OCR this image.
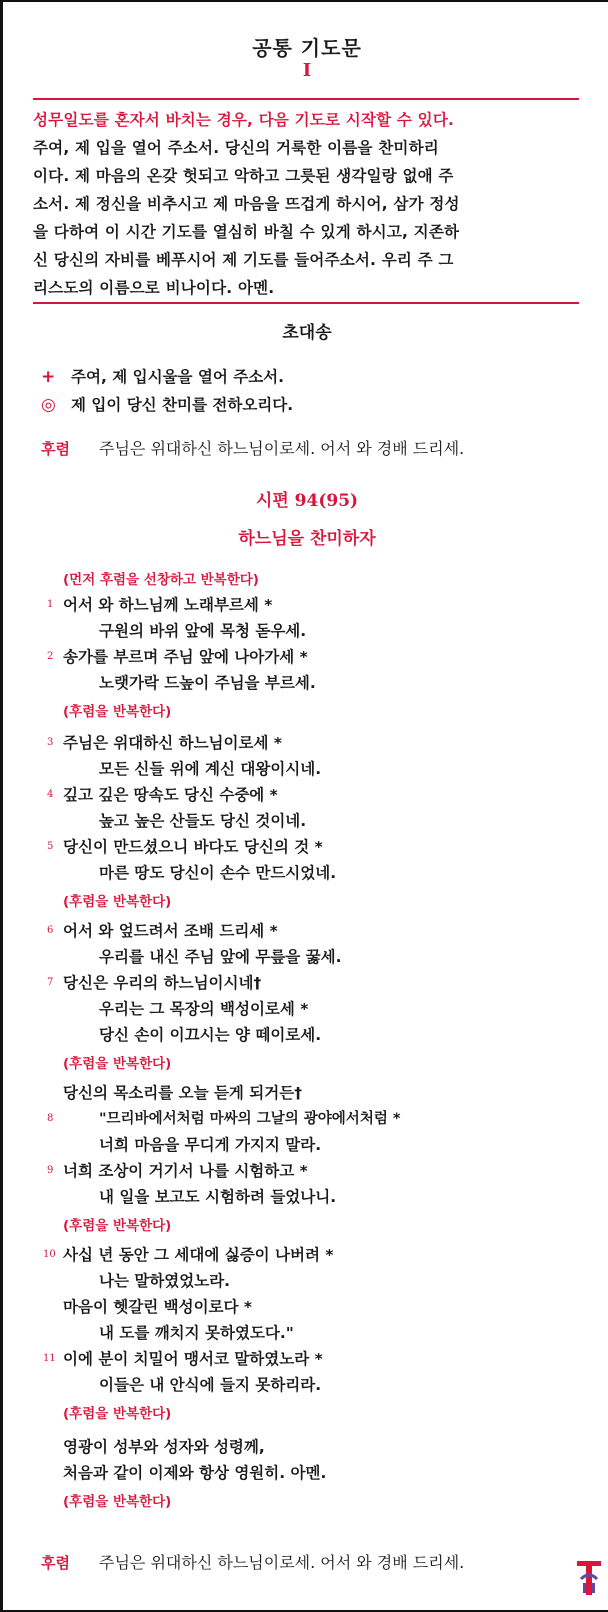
공통 기도문
I
성무일도를 혼자서 바치는 경우, 다음 기도로 시작할 수 있다.
주여, 제 입을 열어 주소서. 당신의 거룩한 이름을 찬미하리
이다. 제 마음의 온갖 헛되고 악하고 그릇된 생각일랑 없애 주
소서. 제 정신을 비추시고 제 마음을 뜨겁게 하시어, 삼가 정성
을 다하여 이 시간 기도를 열심히 바칠 수 있게 하시고, 지존하
신 당신의 자비를 베푸시어 제 기도를 들어주소서. 우리 주 그
리스도의 이름으로 비나이다. 아멘.
초대송
+ 주여, 제 입시울을 열어 주소서.
◎ 제 입이 당신 찬미를 전하오리다.
후렴 주님은 위대하신 하느님이로세. 어서 와 경배 드리세.
시편 94(95)
하느님을 찬미하자
(먼저 후렴을 선창하고 반복한다)
1 어서 와 하느님께 노래부르세 *
구원의 바위 앞에 목청 돋우세.
2 송가를 부르며 주님 앞에 나아가세 *
노랫가락 드높이 주님을 부르세.
(후렴을 반복한다)
3 주님은 위대하신 하느님이로세 *
모든 신들 위에 계신 대왕이시네.
4 깊고 깊은 땅속도 당신 수중에 *
높고 높은 산들도 당신 것이네.
5 당신이 만드셨으니 바다도 당신의 것 *
마른 땅도 당신이 손수 만드시었네.
(후렴을 반복한다)
6 어서 와 엎드려서 조배 드리세 *
우리를 내신 주님 앞에 무릎을 꿇세.
7 당신은 우리의 하느님이시네†
우리는 그 목장의 백성이로세 *
당신 손이 이끄시는 양 떼이로세.
(후렴을 반복한다)
당신의 목소리를 오늘 듣게 되거든†
8	"므리바에서처럼 마싸의 그날의 광야에서처럼 *
너희 마음을 무디게 가지지 말라.
9 너희 조상이 거기서 나를 시험하고 *
내 일을 보고도 시험하려 들었나니.
(후렴을 반복한다)
10 사십 년 동안 그 세대에 싫증이 나버려 *
나는 말하였었노라.
마음이 헷갈린 백성이로다 *
내 도를 깨치지 못하였도다."
11 이에 분이 치밀어 맹서코 말하였노라 *
이들은 내 안식에 들지 못하리라.
(후렴을 반복한다)
영광이 성부와 성자와 성령께,
처음과 같이 이제와 항상 영원히. 아멘.
(후렴을 반복한다)
후렴 주님은 위대하신 하느님이로세. 어서 와 경배 드리세.
